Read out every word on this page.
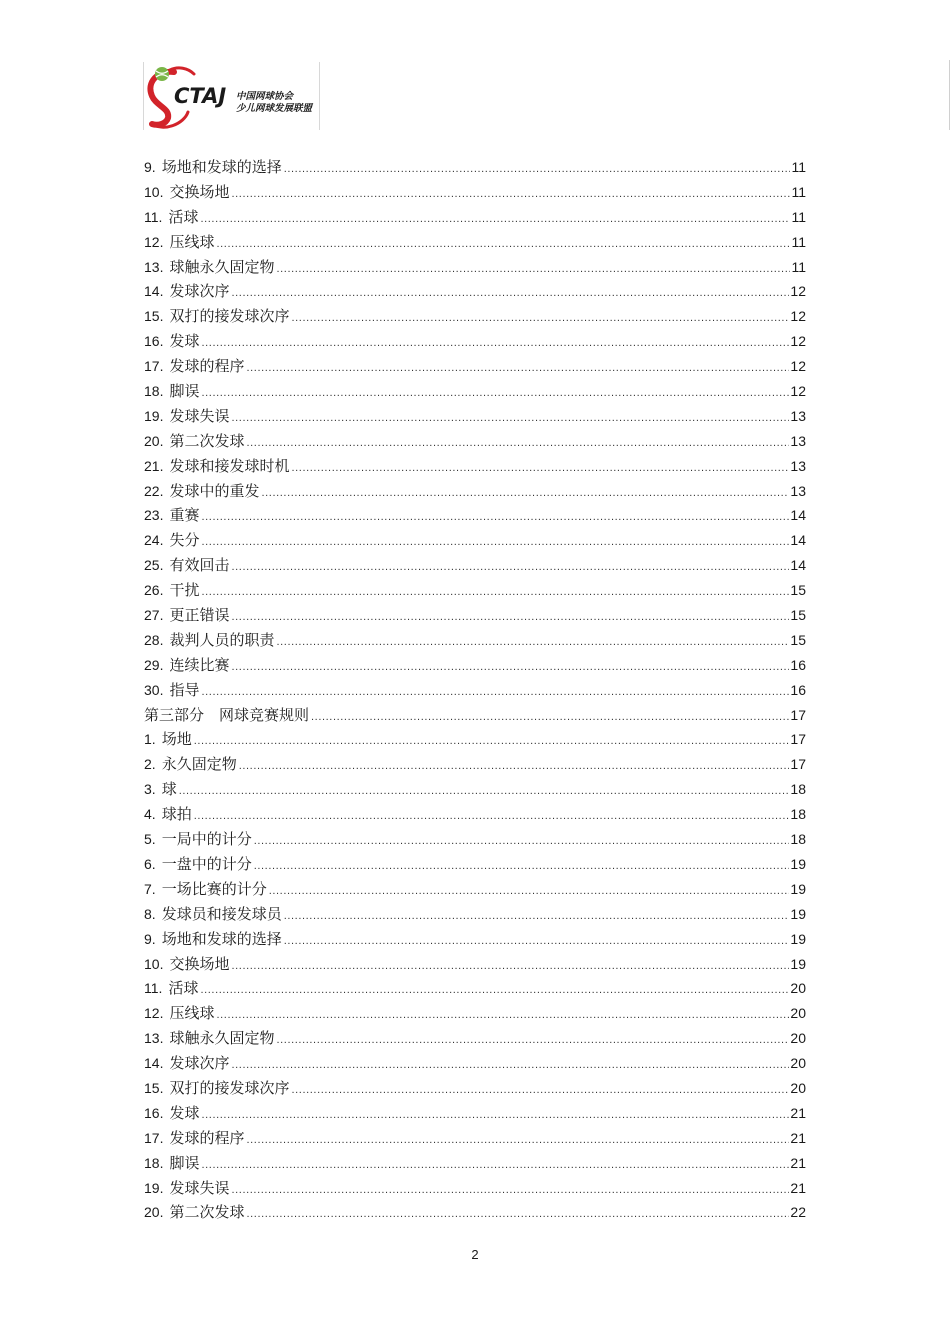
CTAJ 中国网球协会
少儿网球发展联盟
9. 场地和发球的选择 .....	11
10. 交换场地 .....	11
11. 活球 .....	11
12. 压线球 .....	11
13. 球触永久固定物 .....	11
14. 发球次序 .....	12
15. 双打的接发球次序 .....	12
16. 发球 .....	12
17. 发球的程序 .....	12
18. 脚误 .....	12
19. 发球失误 .....	13
20. 第二次发球 .....	13
21. 发球和接发球时机 .....	13
22. 发球中的重发 .....	13
23. 重赛 .....	14
24. 失分 .....	14
25. 有效回击 .....	14
26. 干扰 .....	15
27. 更正错误 .....	15
28. 裁判人员的职责 .....	15
29. 连续比赛 .....	16
30. 指导 .....	16
第三部分　网球竞赛规则 .....	17
1. 场地 .....	17
2. 永久固定物 .....	17
3. 球 .....	18
4. 球拍 .....	18
5. 一局中的计分 .....	18
6. 一盘中的计分 .....	19
7. 一场比赛的计分 .....	19
8. 发球员和接发球员 .....	19
9. 场地和发球的选择 .....	19
10. 交换场地 .....	19
11. 活球 .....	20
12. 压线球 .....	20
13. 球触永久固定物 .....	20
14. 发球次序 .....	20
15. 双打的接发球次序 .....	20
16. 发球 .....	21
17. 发球的程序 .....	21
18. 脚误 .....	21
19. 发球失误 .....	21
20. 第二次发球 .....	22
2
